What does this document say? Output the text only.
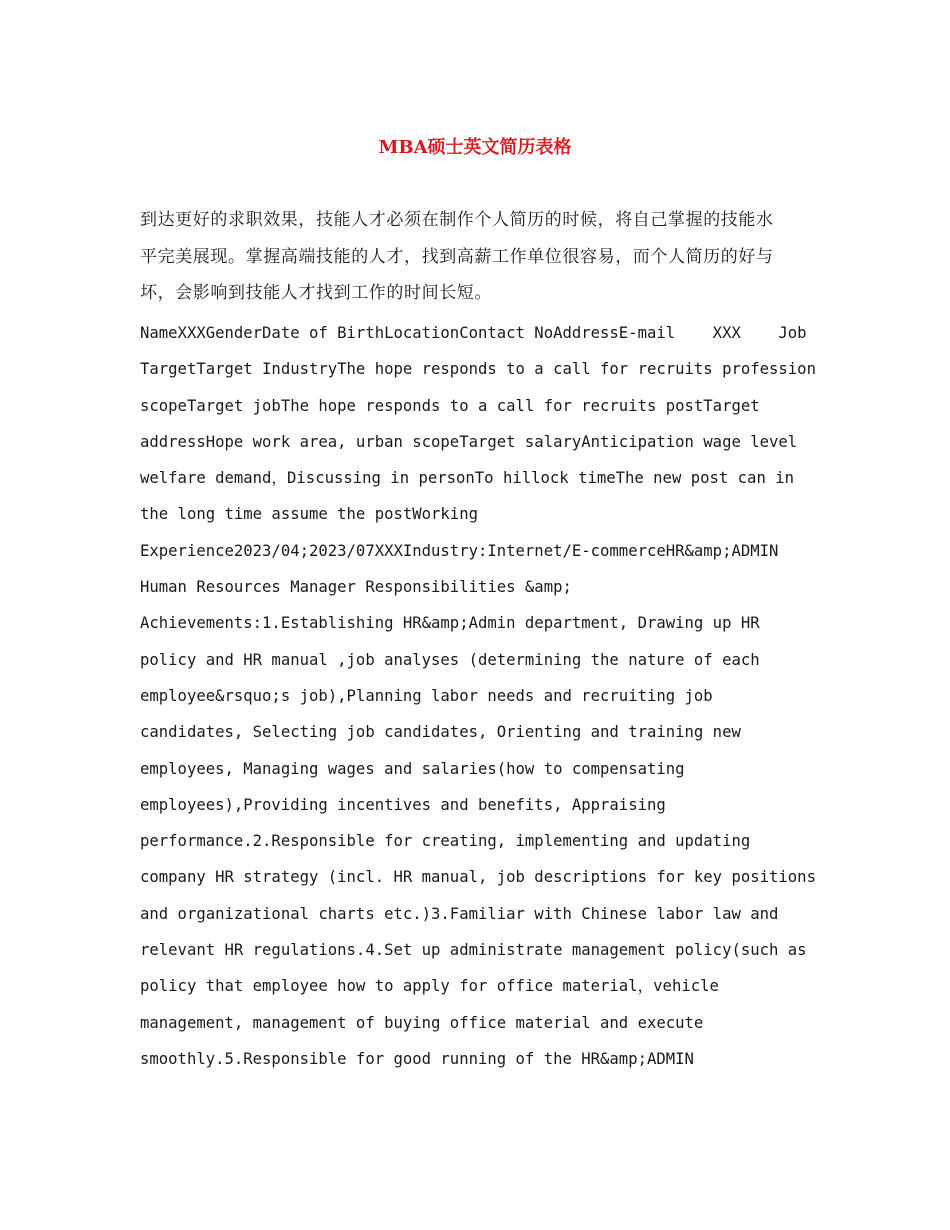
MBA硕士英文简历表格

到达更好的求职效果，技能人才必须在制作个人简历的时候，将自己掌握的技能水

平完美展现。掌握高端技能的人才，找到高薪工作单位很容易，而个人简历的好与

坏，会影响到技能人才找到工作的时间长短。

NameXXXGenderDate of BirthLocationContact NoAddressE-mail    XXX    Job

TargetTarget IndustryThe hope responds to a call for recruits profession

scopeTarget jobThe hope responds to a call for recruits postTarget

addressHope work area, urban scopeTarget salaryAnticipation wage level

welfare demand，Discussing in personTo hillock timeThe new post can in

the long time assume the postWorking

Experience2023/04;2023/07XXXIndustry:Internet/E-commerceHR&amp;ADMIN

Human Resources Manager Responsibilities &amp;

Achievements:1.Establishing HR&amp;Admin department, Drawing up HR

policy and HR manual ,job analyses (determining the nature of each

employee&rsquo;s job),Planning labor needs and recruiting job

candidates, Selecting job candidates, Orienting and training new

employees, Managing wages and salaries(how to compensating

employees),Providing incentives and benefits, Appraising

performance.2.Responsible for creating, implementing and updating

company HR strategy (incl. HR manual, job descriptions for key positions

and organizational charts etc.)3.Familiar with Chinese labor law and

relevant HR regulations.4.Set up administrate management policy(such as

policy that employee how to apply for office material，vehicle

management, management of buying office material and execute

smoothly.5.Responsible for good running of the HR&amp;ADMIN
